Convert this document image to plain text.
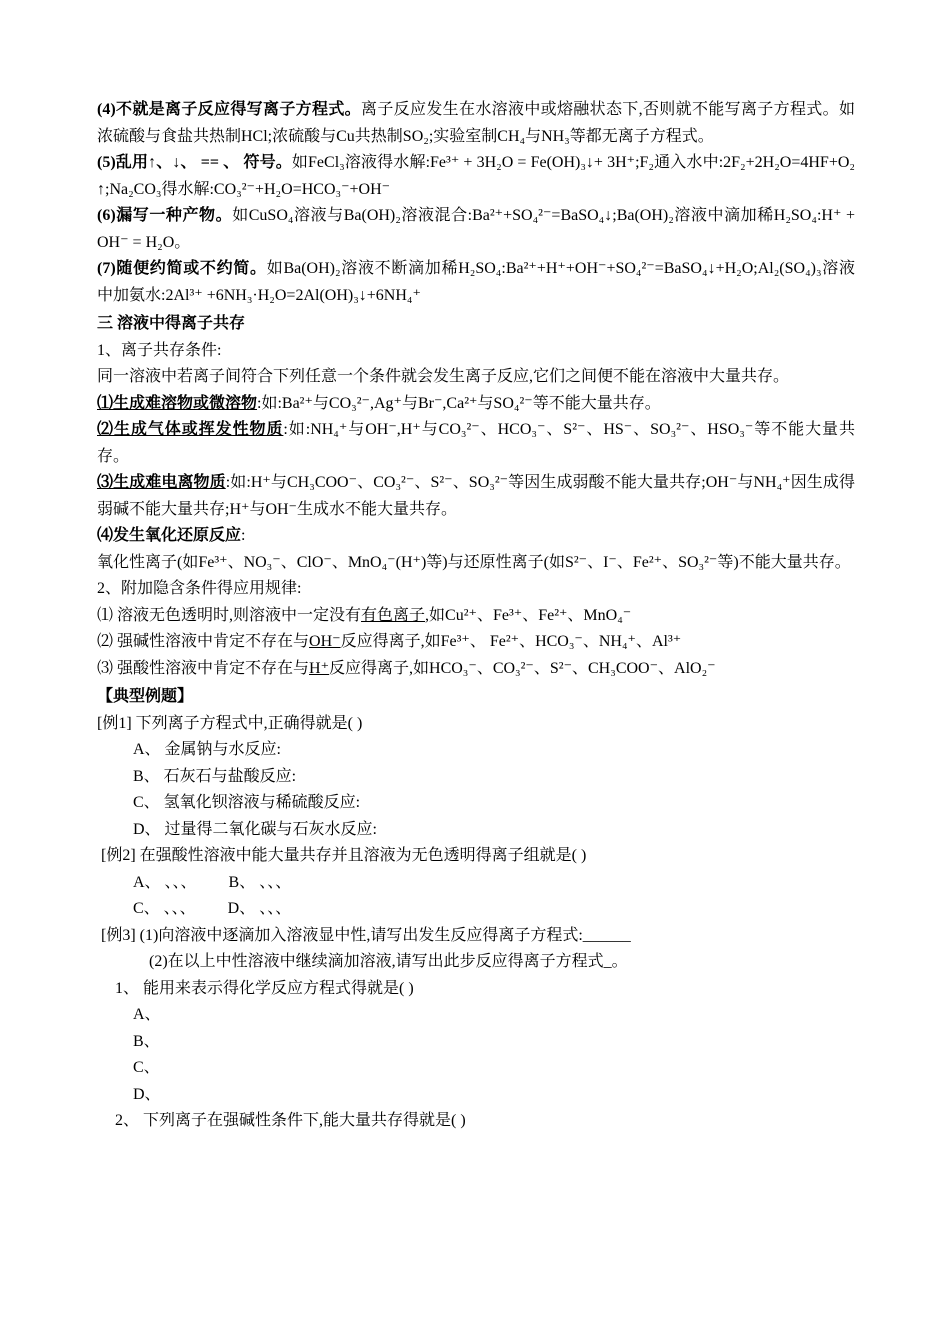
(4)不就是离子反应得写离子方程式。离子反应发生在水溶液中或熔融状态下,否则就不能写离子方程式。如浓硫酸与食盐共热制HCl;浓硫酸与Cu共热制SO₂;实验室制CH₄与NH₃等都无离子方程式。

(5)乱用↑、↓、 == 、 符号。如FeCl₃溶液得水解:Fe³⁺ + 3H₂O = Fe(OH)₃↓+ 3H⁺;F₂通入水中:2F₂+2H₂O=4HF+O₂↑;Na₂CO₃得水解:CO₃²⁻+H₂O=HCO₃⁻+OH⁻

(6)漏写一种产物。如CuSO₄溶液与Ba(OH)₂溶液混合:Ba²⁺+SO₄²⁻=BaSO₄↓;Ba(OH)₂溶液中滴加稀H₂SO₄:H⁺ + OH⁻ = H₂O。

(7)随便约简或不约简。如Ba(OH)₂溶液不断滴加稀H₂SO₄:Ba²⁺+H⁺+OH⁻+SO₄²⁻=BaSO₄↓+H₂O;Al₂(SO₄)₃溶液中加氨水:2Al³⁺ +6NH₃·H₂O=2Al(OH)₃↓+6NH₄⁺

三 溶液中得离子共存

1、离子共存条件:

同一溶液中若离子间符合下列任意一个条件就会发生离子反应,它们之间便不能在溶液中大量共存。

⑴生成难溶物或微溶物:如:Ba²⁺与CO₃²⁻,Ag⁺与Br⁻,Ca²⁺与SO₄²⁻等不能大量共存。

⑵生成气体或挥发性物质:如:NH₄⁺与OH⁻,H⁺与CO₃²⁻、HCO₃⁻、S²⁻、HS⁻、SO₃²⁻、HSO₃⁻等不能大量共存。

⑶生成难电离物质:如:H⁺与CH₃COO⁻、CO₃²⁻、S²⁻、SO₃²⁻等因生成弱酸不能大量共存;OH⁻与NH₄⁺因生成得弱碱不能大量共存;H⁺与OH⁻生成水不能大量共存。

⑷发生氧化还原反应:

氧化性离子(如Fe³⁺、NO₃⁻、ClO⁻、MnO₄⁻(H⁺)等)与还原性离子(如S²⁻、I⁻、Fe²⁺、SO₃²⁻等)不能大量共存。

2、附加隐含条件得应用规律:

⑴ 溶液无色透明时,则溶液中一定没有有色离子,如Cu²⁺、Fe³⁺、Fe²⁺、MnO₄⁻

⑵ 强碱性溶液中肯定不存在与OH⁻反应得离子,如Fe³⁺、 Fe²⁺、HCO₃⁻、NH₄⁺、Al³⁺

⑶ 强酸性溶液中肯定不存在与H⁺反应得离子,如HCO₃⁻、CO₃²⁻、S²⁻、CH₃COO⁻、AlO₂⁻

【典型例题】

[例1] 下列离子方程式中,正确得就是( )

A、 金属钠与水反应:

B、 石灰石与盐酸反应:

C、 氢氧化钡溶液与稀硫酸反应:

D、 过量得二氧化碳与石灰水反应:

[例2] 在强酸性溶液中能大量共存并且溶液为无色透明得离子组就是( )

A、 、、、        B、 、、、

C、 、、、        D、 、、、

[例3] (1)向溶液中逐滴加入溶液显中性,请写出发生反应得离子方程式:______

(2)在以上中性溶液中继续滴加溶液,请写出此步反应得离子方程式_。

1、 能用来表示得化学反应方程式得就是( )

A、

B、

C、

D、

2、 下列离子在强碱性条件下,能大量共存得就是( )
